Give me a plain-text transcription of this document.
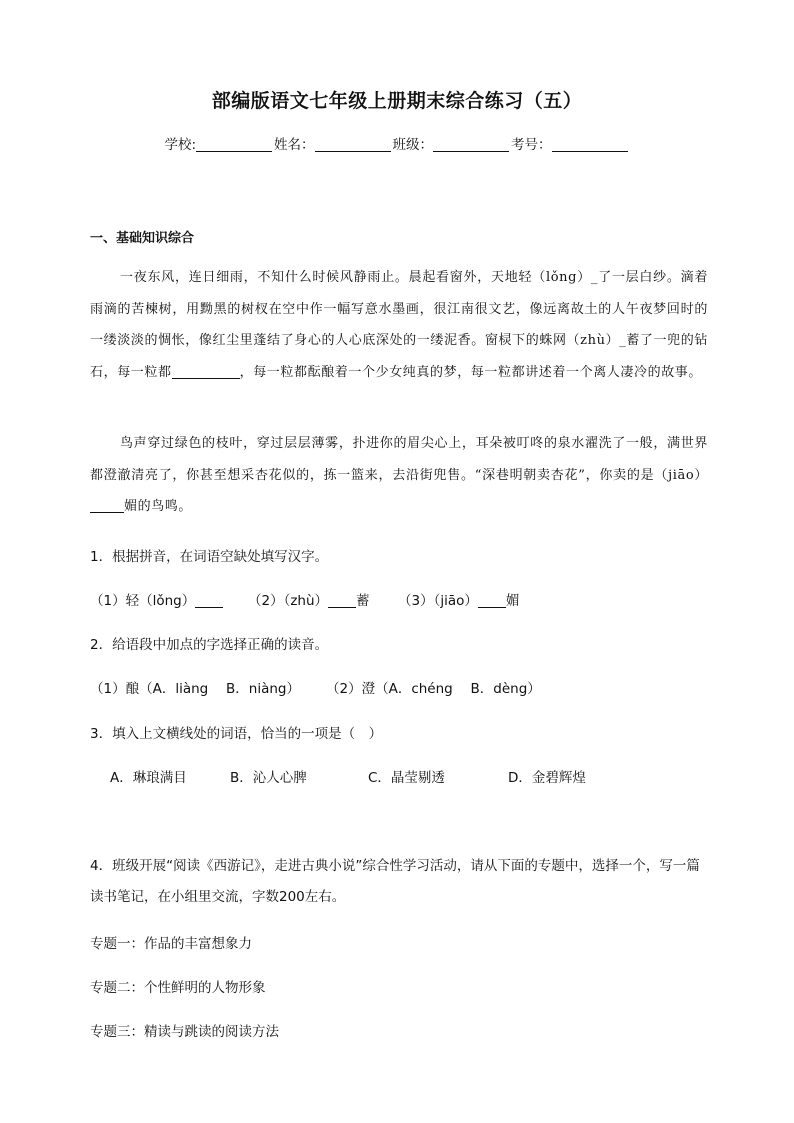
部编版语文七年级上册期末综合练习（五）
学校:	姓名：	班级：	考号：
一、基础知识综合
一夜东风，连日细雨，不知什么时候风静雨止。晨起看窗外，天地轻（lǒng）_了一层白纱。滴着雨滴的苦楝树，用黝黑的树杈在空中作一幅写意水墨画，很江南很文艺，像远离故土的人午夜梦回时的一缕淡淡的惆怅，像红尘里蓬结了身心的人心底深处的一缕泥香。窗棂下的蛛网（zhù）_蓄了一兜的钻石，每一粒都	，每一粒都酝酿着一个少女纯真的梦，每一粒都讲述着一个离人凄冷的故事。
鸟声穿过绿色的枝叶，穿过层层薄雾，扑进你的眉尖心上，耳朵被叮咚的泉水濯洗了一般，满世界都澄澈清亮了，你甚至想采杏花似的，拣一篮来，去沿街兜售。“深巷明朝卖杏花”，你卖的是（jiāo）媚的鸟鸣。
1．根据拼音，在词语空缺处填写汉字。
（1）轻（lǒng）	（2）（zhù） 蓄 （3）（jiāo） 媚
2．给语段中加点的字选择正确的读音。
（1）酿（A．liàng　 B．niàng） （2）澄（A．chéng　 B．dèng）
3．填入上文横线处的词语，恰当的一项是（　）
A．琳琅满目	B．沁人心脾	C．晶莹剔透	D．金碧辉煌
4．班级开展“阅读《西游记》，走进古典小说”综合性学习活动，请从下面的专题中，选择一个，写一篇读书笔记，在小组里交流，字数200左右。
专题一：作品的丰富想象力
专题二：个性鲜明的人物形象
专题三：精读与跳读的阅读方法
